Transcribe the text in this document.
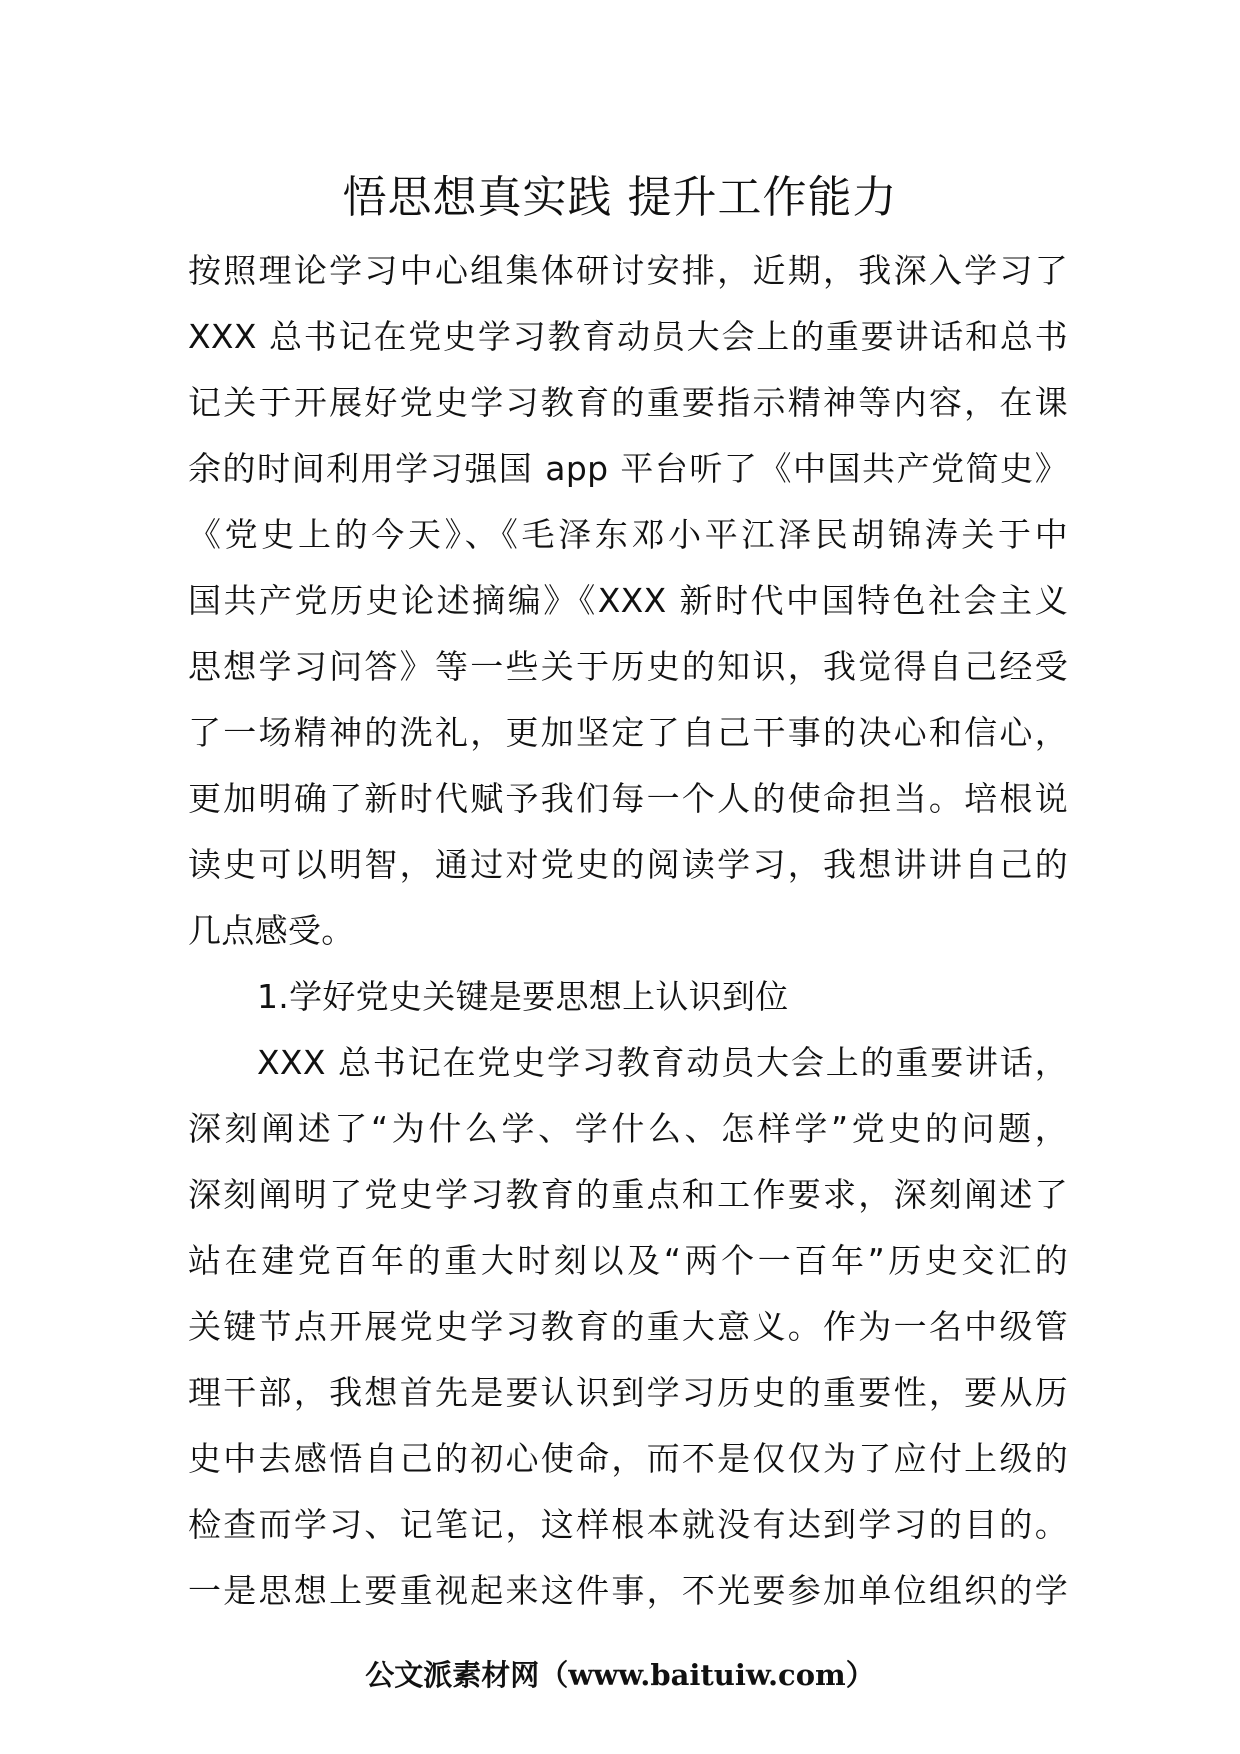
悟思想真实践 提升工作能力
按照理论学习中心组集体研讨安排，近期，我深入学习了
XXX 总书记在党史学习教育动员大会上的重要讲话和总书
记关于开展好党史学习教育的重要指示精神等内容，在课
余的时间利用学习强国 app 平台听了《中国共产党简史》
《党史上的今天》、《毛泽东邓小平江泽民胡锦涛关于中
国共产党历史论述摘编》《XXX 新时代中国特色社会主义
思想学习问答》等一些关于历史的知识，我觉得自己经受
了一场精神的洗礼，更加坚定了自己干事的决心和信心，
更加明确了新时代赋予我们每一个人的使命担当。培根说
读史可以明智，通过对党史的阅读学习，我想讲讲自己的
几点感受。
1.学好党史关键是要思想上认识到位
XXX 总书记在党史学习教育动员大会上的重要讲话，
深刻阐述了“为什么学、学什么、怎样学”党史的问题，
深刻阐明了党史学习教育的重点和工作要求，深刻阐述了
站在建党百年的重大时刻以及“两个一百年”历史交汇的
关键节点开展党史学习教育的重大意义。作为一名中级管
理干部，我想首先是要认识到学习历史的重要性，要从历
史中去感悟自己的初心使命，而不是仅仅为了应付上级的
检查而学习、记笔记，这样根本就没有达到学习的目的。
一是思想上要重视起来这件事，不光要参加单位组织的学
公文派素材网（www.baituiw.com）
